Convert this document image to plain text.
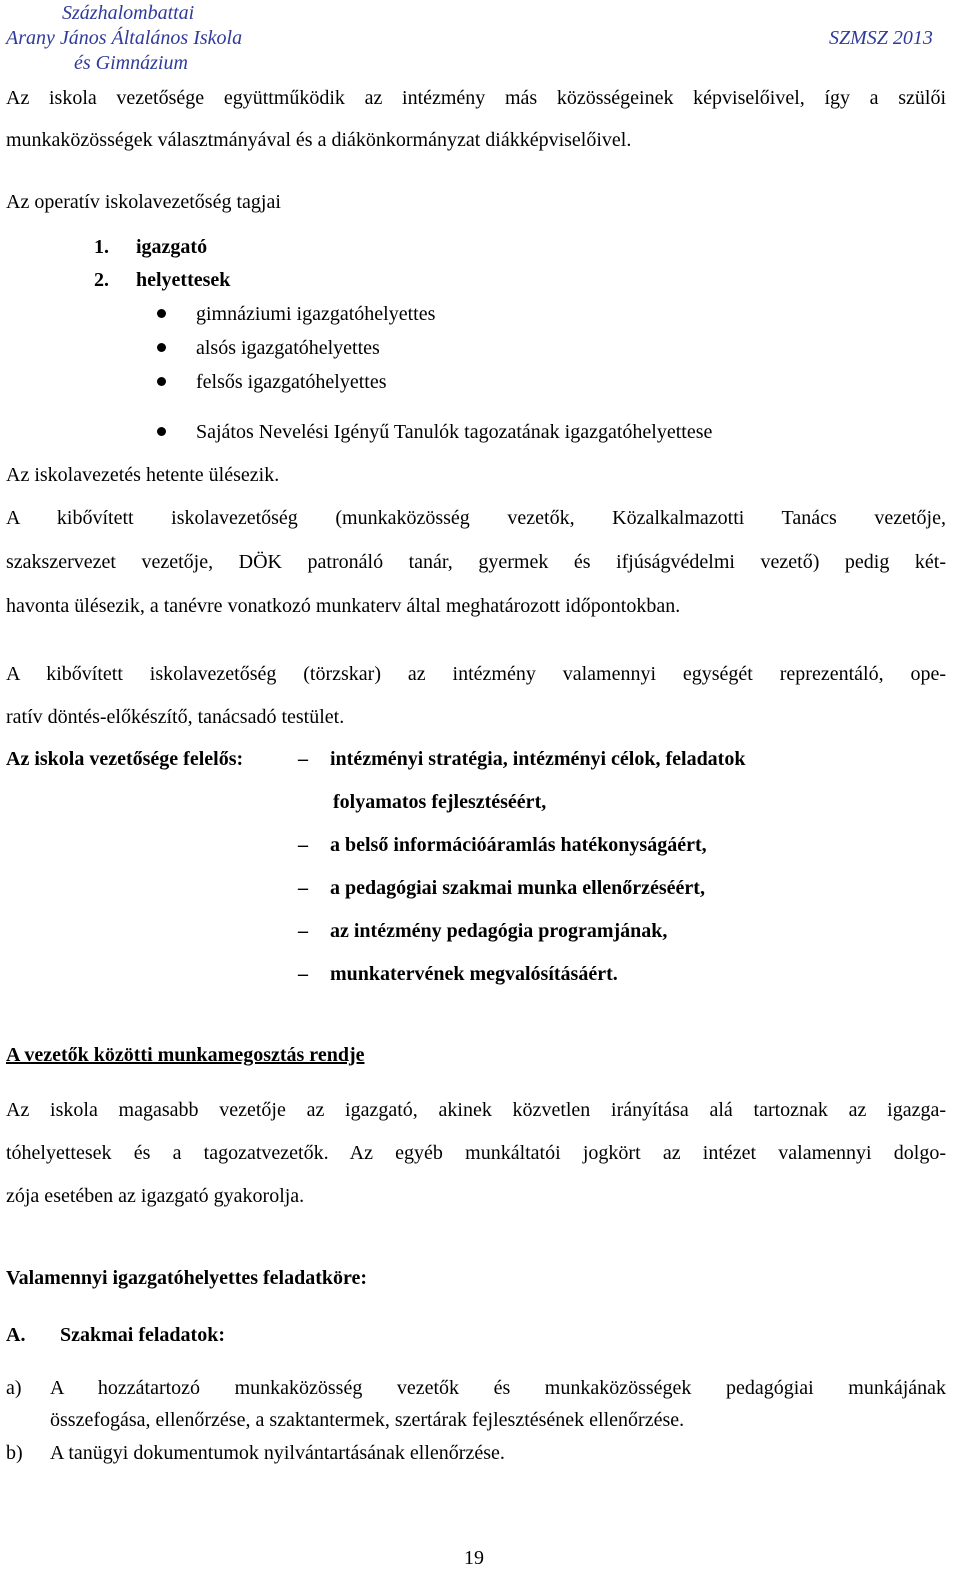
Százhalombattai
Arany János Általános Iskola
és Gimnázium
SZMSZ 2013
Az iskola vezetősége együttműködik az intézmény más közösségeinek képviselőivel, így a szülői
munkaközösségek választmányával és a diákönkormányzat diákképviselőivel.
Az operatív iskolavezetőség tagjai
1. igazgató
2. helyettesek
gimnáziumi igazgatóhelyettes
alsós igazgatóhelyettes
felsős igazgatóhelyettes
Sajátos Nevelési Igényű Tanulók tagozatának igazgatóhelyettese
Az iskolavezetés hetente ülésezik.
A kibővített iskolavezetőség (munkaközösség vezetők, Közalkalmazotti Tanács vezetője,
szakszervezet vezetője, DÖK patronáló tanár, gyermek és ifjúságvédelmi vezető) pedig két-
havonta ülésezik, a tanévre vonatkozó munkaterv által meghatározott időpontokban.
A kibővített iskolavezetőség (törzskar) az intézmény valamennyi egységét reprezentáló, ope-
ratív döntés-előkészítő, tanácsadó testület.
Az iskola vezetősége felelős:	– intézményi stratégia, intézményi célok, feladatok
folyamatos fejlesztéséért,
– a belső információáramlás hatékonyságáért,
– a pedagógiai szakmai munka ellenőrzéséért,
– az intézmény pedagógia programjának,
– munkatervének megvalósításáért.
A vezetők közötti munkamegosztás rendje
Az iskola magasabb vezetője az igazgató, akinek közvetlen irányítása alá tartoznak az igazga-
tóhelyettesek és a tagozatvezetők. Az egyéb munkáltatói jogkört az intézet valamennyi dolgo-
zója esetében az igazgató gyakorolja.
Valamennyi igazgatóhelyettes feladatköre:
A. Szakmai feladatok:
a) A hozzátartozó munkaközösség vezetők és munkaközösségek pedagógiai munkájának
összefogása, ellenőrzése, a szaktantermek, szertárak fejlesztésének ellenőrzése.
b) A tanügyi dokumentumok nyilvántartásának ellenőrzése.
19
